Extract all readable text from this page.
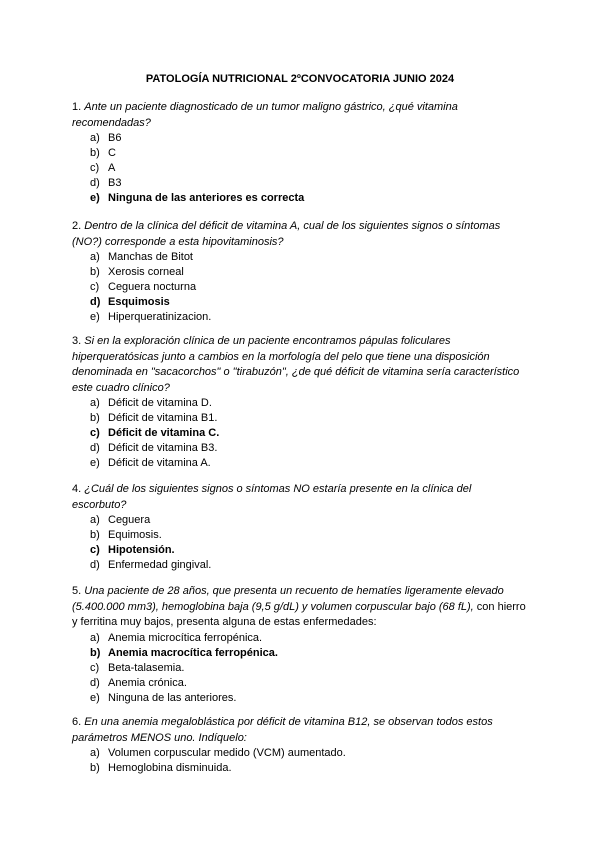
PATOLOGÍA NUTRICIONAL 2ºCONVOCATORIA JUNIO 2024

1. Ante un paciente diagnosticado de un tumor maligno gástrico, ¿qué vitamina recomendadas?

a) B6
b) C
c) A
d) B3
e) Ninguna de las anteriores es correcta

2. Dentro de la clínica del déficit de vitamina A, cual de los siguientes signos o síntomas (NO?) corresponde a esta hipovitaminosis?

a) Manchas de Bitot
b) Xerosis corneal
c) Ceguera nocturna
d) Esquimosis
e) Hiperqueratinizacion.

3. Si en la exploración clínica de un paciente encontramos pápulas foliculares hiperqueratósicas junto a cambios en la morfología del pelo que tiene una disposición denominada en "sacacorchos" o "tirabuzón", ¿de qué déficit de vitamina sería característico este cuadro clínico?

a) Déficit de vitamina D.
b) Déficit de vitamina B1.
c) Déficit de vitamina C.
d) Déficit de vitamina B3.
e) Déficit de vitamina A.

4. ¿Cuál de los siguientes signos o síntomas NO estaría presente en la clínica del escorbuto?

a) Ceguera
b) Equimosis.
c) Hipotensión.
d) Enfermedad gingival.

5. Una paciente de 28 años, que presenta un recuento de hematíes ligeramente elevado (5.400.000 mm3), hemoglobina baja (9,5 g/dL) y volumen corpuscular bajo (68 fL), con hierro y ferritina muy bajos, presenta alguna de estas enfermedades:

a) Anemia microcítica ferropénica.
b) Anemia macrocítica ferropénica.
c) Beta-talasemia.
d) Anemia crónica.
e) Ninguna de las anteriores.

6. En una anemia megaloblástica por déficit de vitamina B12, se observan todos estos parámetros MENOS uno. Indíquelo:

a) Volumen corpuscular medido (VCM) aumentado.
b) Hemoglobina disminuida.
